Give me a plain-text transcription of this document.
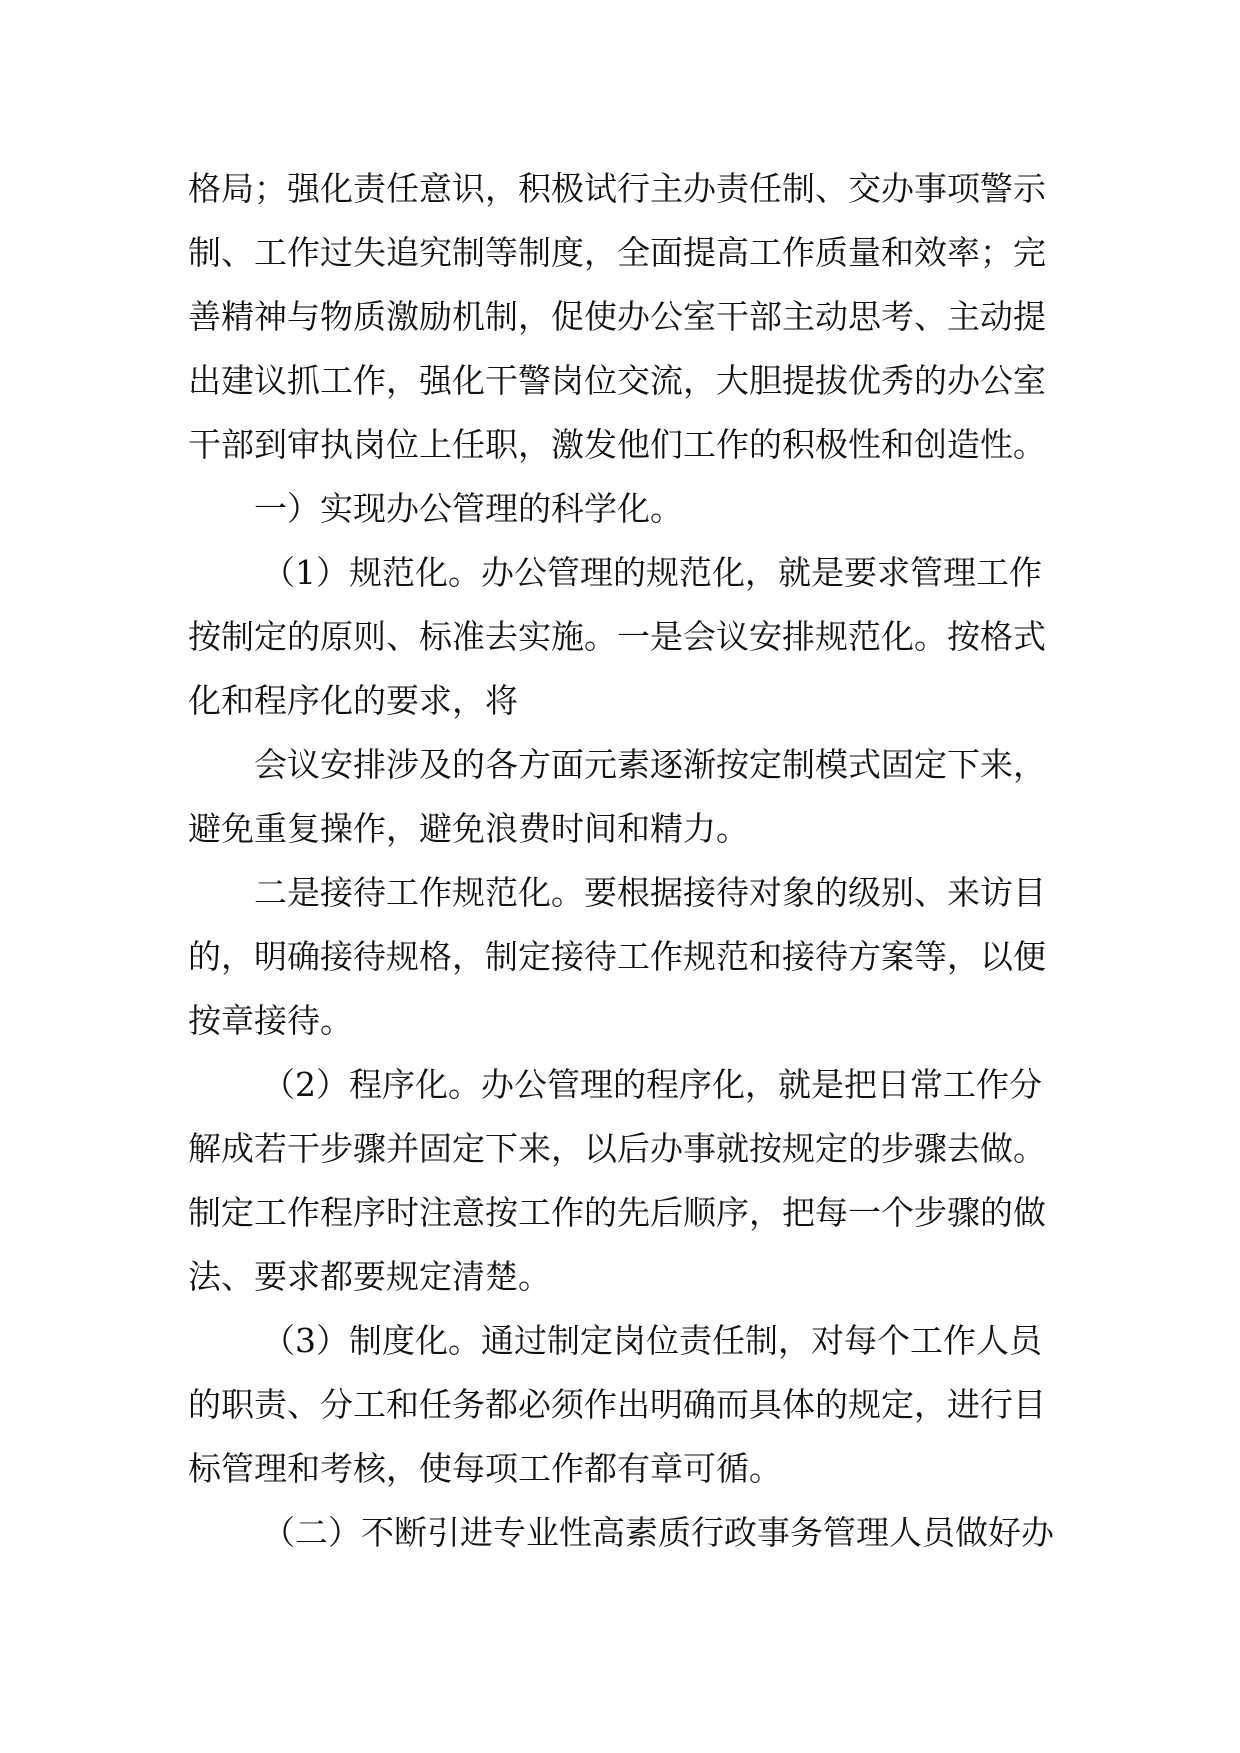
格局；强化责任意识，积极试行主办责任制、交办事项警示
制、工作过失追究制等制度，全面提高工作质量和效率；完
善精神与物质激励机制，促使办公室干部主动思考、主动提
出建议抓工作，强化干警岗位交流，大胆提拔优秀的办公室
干部到审执岗位上任职，激发他们工作的积极性和创造性。
一）实现办公管理的科学化。
（1）规范化。办公管理的规范化，就是要求管理工作
按制定的原则、标准去实施。一是会议安排规范化。按格式
化和程序化的要求，将
会议安排涉及的各方面元素逐渐按定制模式固定下来，
避免重复操作，避免浪费时间和精力。
二是接待工作规范化。要根据接待对象的级别、来访目
的，明确接待规格，制定接待工作规范和接待方案等，以便
按章接待。
（2）程序化。办公管理的程序化，就是把日常工作分
解成若干步骤并固定下来，以后办事就按规定的步骤去做。
制定工作程序时注意按工作的先后顺序，把每一个步骤的做
法、要求都要规定清楚。
（3）制度化。通过制定岗位责任制，对每个工作人员
的职责、分工和任务都必须作出明确而具体的规定，进行目
标管理和考核，使每项工作都有章可循。
（二）不断引进专业性高素质行政事务管理人员做好办
